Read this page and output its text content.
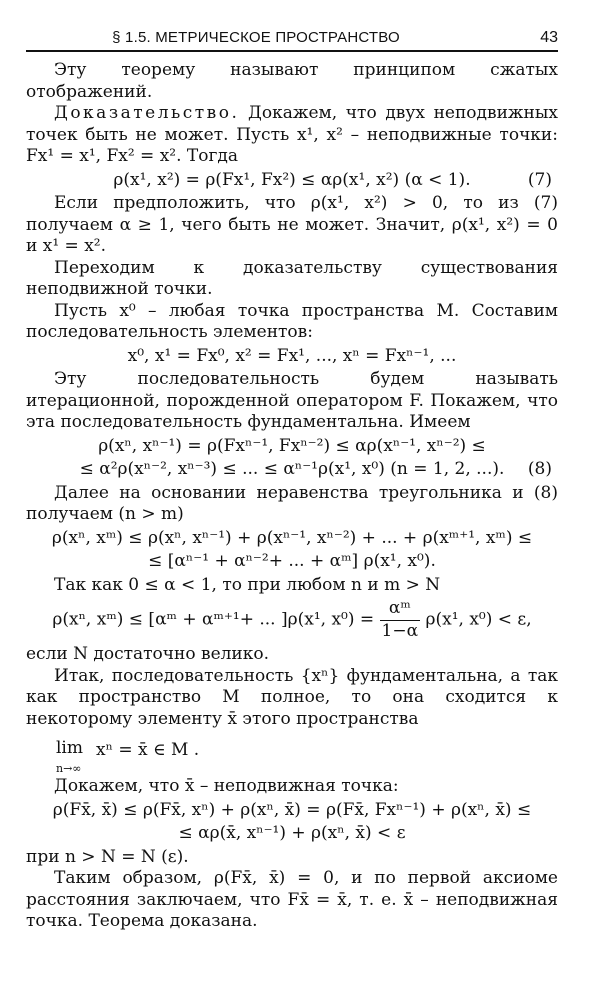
§ 1.5. МЕТРИЧЕСКОЕ ПРОСТРАНСТВО	43

Эту теорему называют принципом сжатых отображений.

Доказательство. Докажем, что двух неподвижных точек быть не может. Пусть x¹, x² – неподвижные точки: Fx¹ = x¹, Fx² = x². Тогда

ρ(x¹, x²) = ρ(Fx¹, Fx²) ≤ αρ(x¹, x²) (α < 1).	(7)

Если предположить, что ρ(x¹, x²) > 0, то из (7) получаем α ≥ 1, чего быть не может. Значит, ρ(x¹, x²) = 0 и x¹ = x².

Переходим к доказательству существования неподвижной точки.

Пусть x⁰ – любая точка пространства M. Составим последовательность элементов:

x⁰, x¹ = Fx⁰, x² = Fx¹, ..., xⁿ = Fxⁿ⁻¹, ...

Эту последовательность будем называть итерационной, порожденной оператором F. Покажем, что эта последовательность фундаментальна. Имеем

ρ(xⁿ, xⁿ⁻¹) = ρ(Fxⁿ⁻¹, Fxⁿ⁻²) ≤ αρ(xⁿ⁻¹, xⁿ⁻²) ≤
≤ α²ρ(xⁿ⁻², xⁿ⁻³) ≤ ... ≤ αⁿ⁻¹ρ(x¹, x⁰) (n = 1, 2, ...).	(8)

Далее на основании неравенства треугольника и (8) получаем (n > m)

ρ(xⁿ, xᵐ) ≤ ρ(xⁿ, xⁿ⁻¹) + ρ(xⁿ⁻¹, xⁿ⁻²) + ... + ρ(xᵐ⁺¹, xᵐ) ≤
≤ [αⁿ⁻¹ + αⁿ⁻²+ ... + αᵐ] ρ(x¹, x⁰).

Так как 0 ≤ α < 1, то при любом n и m > N

ρ(xⁿ, xᵐ) ≤ [αᵐ + αᵐ⁺¹+ ... ]ρ(x¹, $x^0) = \frac{\text{αᵐ}}{1-\alpha} \rho(x^1$, x⁰) < ε,

если N достаточно велико.

Итак, последовательность {xⁿ} фундаментальна, а так как пространство M полное, то она сходится к некоторому элементу x̄ этого пространства

lim
n→∞
xⁿ = x̄ ∈ M .

Докажем, что x̄ – неподвижная точка:

ρ(Fx̄, x̄) ≤ ρ(Fx̄, xⁿ) + ρ(xⁿ, x̄) = ρ(Fx̄, Fxⁿ⁻¹) + ρ(xⁿ, x̄) ≤
≤ αρ(x̄, xⁿ⁻¹) + ρ(xⁿ, x̄) < ε

при n > N = N (ε).

Таким образом, ρ(Fx̄, x̄) = 0, и по первой аксиоме расстояния заключаем, что Fx̄ = x̄, т. е. x̄ – неподвижная точка. Теорема доказана.
